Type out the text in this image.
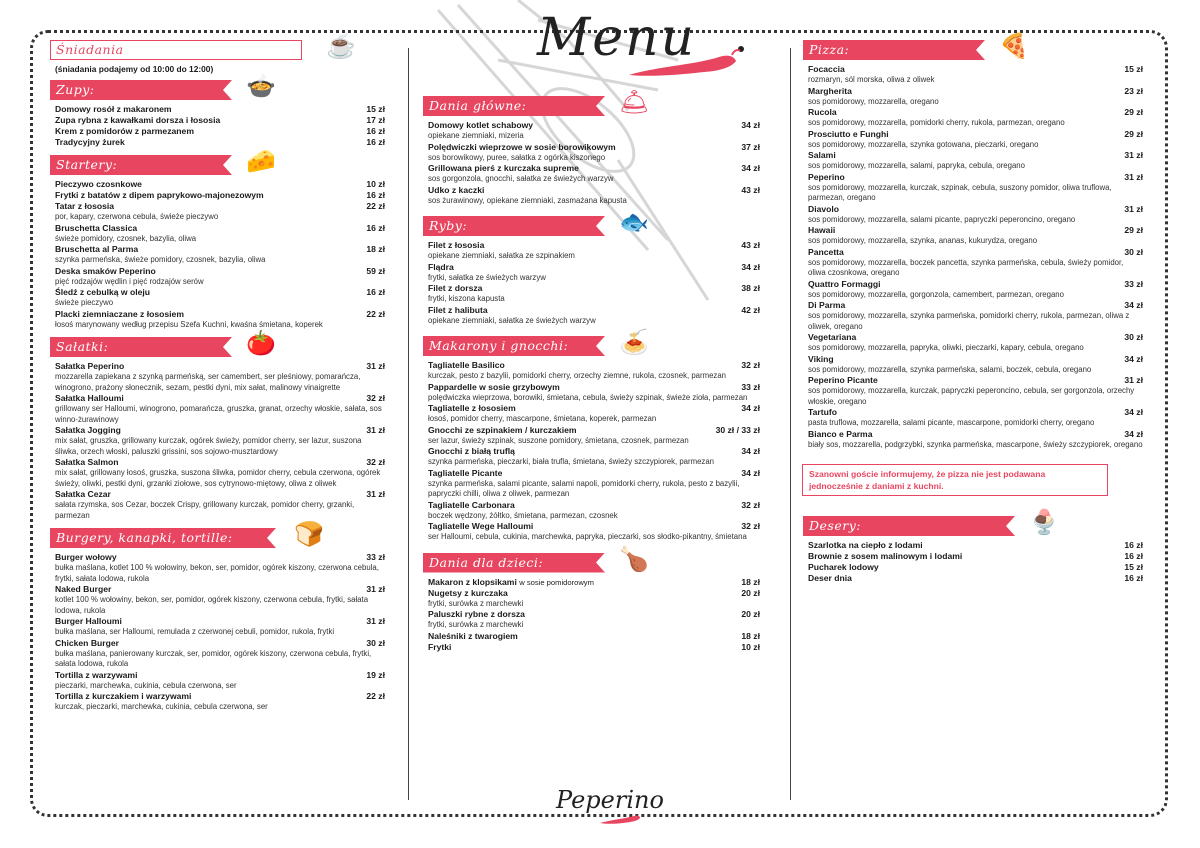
Menu
Śniadania	☕
(śniadania podajemy od 10:00 do 12:00)
Zupy:	🍲
Domowy rosół z makaronem	15 zł
Zupa rybna z kawałkami dorsza i łososia	17 zł
Krem z pomidorów z parmezanem	16 zł
Tradycyjny żurek	16 zł
Startery:	🧀
Pieczywo czosnkowe	10 zł
Frytki z batatów z dipem paprykowo-majonezowym	16 zł
Tatar z łososia	22 zł
por, kapary, czerwona cebula, świeże pieczywo
Bruschetta Classica	16 zł
świeże pomidory, czosnek, bazylia, oliwa
Bruschetta al Parma	18 zł
szynka parmeńska, świeże pomidory, czosnek, bazylia, oliwa
Deska smaków Peperino	59 zł
pięć rodzajów wędlin i pięć rodzajów serów
Śledź z cebulką w oleju	16 zł
świeże pieczywo
Placki ziemniaczane z łososiem	22 zł
łosoś marynowany według przepisu Szefa Kuchni, kwaśna śmietana, koperek
Sałatki:	🍅
Sałatka Peperino	31 zł
mozzarella zapiekana z szynką parmeńską, ser camembert, ser pleśniowy, pomarańcza, winogrono, prażony słonecznik, sezam, pestki dyni, mix sałat, malinowy vinaigrette
Sałatka Halloumi	32 zł
grillowany ser Halloumi, winogrono, pomarańcza, gruszka, granat, orzechy włoskie, sałata, sos winno-żurawinowy
Sałatka Jogging	31 zł
mix sałat, gruszka, grillowany kurczak, ogórek świeży, pomidor cherry, ser lazur, suszona śliwka, orzech włoski, paluszki grissini, sos sojowo-musztardowy
Sałatka Salmon	32 zł
mix sałat, grillowany łosoś, gruszka, suszona śliwka, pomidor cherry, cebula czerwona, ogórek świeży, oliwki, pestki dyni, grzanki ziołowe, sos cytrynowo-miętowy, oliwa z oliwek
Sałatka Cezar	31 zł
sałata rzymska, sos Cezar, boczek Crispy, grillowany kurczak, pomidor cherry, grzanki, parmezan
Burgery, kanapki, tortille:	🍞
Burger wołowy	33 zł
bułka maślana, kotlet 100 % wołowiny, bekon, ser, pomidor, ogórek kiszony, czerwona cebula, frytki, sałata lodowa, rukola
Naked Burger	31 zł
kotlet 100 % wołowiny, bekon, ser, pomidor, ogórek kiszony, czerwona cebula, frytki, sałata lodowa, rukola
Burger Halloumi	31 zł
bułka maślana, ser Halloumi, remulada z czerwonej cebuli, pomidor, rukola, frytki
Chicken Burger	30 zł
bułka maślana, panierowany kurczak, ser, pomidor, ogórek kiszony, czerwona cebula, frytki, sałata lodowa, rukola
Tortilla z warzywami	19 zł
pieczarki, marchewka, cukinia, cebula czerwona, ser
Tortilla z kurczakiem i warzywami	22 zł
kurczak, pieczarki, marchewka, cukinia, cebula czerwona, ser
Dania główne:	🛎
Domowy kotlet schabowy	34 zł
opiekane ziemniaki, mizeria
Polędwiczki wieprzowe w sosie borowikowym	37 zł
sos borowikowy, puree, sałatka z ogórka kiszonego
Grillowana pierś z kurczaka supreme	34 zł
sos gorgonzola, gnocchi, sałatka ze świeżych warzyw
Udko z kaczki	43 zł
sos żurawinowy, opiekane ziemniaki, zasmażana kapusta
Ryby:	🐟
Filet z łososia	43 zł
opiekane ziemniaki, sałatka ze szpinakiem
Flądra	34 zł
frytki, sałatka ze świeżych warzyw
Filet z dorsza	38 zł
frytki, kiszona kapusta
Filet z halibuta	42 zł
opiekane ziemniaki, sałatka ze świeżych warzyw
Makarony i gnocchi: 🍝
Tagliatelle Basilico	32 zł
kurczak, pesto z bazylii, pomidorki cherry, orzechy ziemne, rukola, czosnek, parmezan
Pappardelle w sosie grzybowym	33 zł
polędwiczka wieprzowa, borowiki, śmietana, cebula, świeży szpinak, świeże zioła, parmezan
Tagliatelle z łososiem	34 zł
łosoś, pomidor cherry, mascarpone, śmietana, koperek, parmezan
Gnocchi ze szpinakiem / kurczakiem	30 zł / 33 zł
ser lazur, świeży szpinak, suszone pomidory, śmietana, czosnek, parmezan
Gnocchi z białą truflą	34 zł
szynka parmeńska, pieczarki, biała trufla, śmietana, świeży szczypiorek, parmezan
Tagliatelle Picante	34 zł
szynka parmeńska, salami picante, salami napoli, pomidorki cherry, rukola, pesto z bazylii, papryczki chilli, oliwa z oliwek, parmezan
Tagliatelle Carbonara	32 zł
boczek wędzony, żółtko, śmietana, parmezan, czosnek
Tagliatelle Wege Halloumi	32 zł
ser Halloumi, cebula, cukinia, marchewka, papryka, pieczarki, sos słodko-pikantny, śmietana
Dania dla dzieci:	🍗
Makaron z klopsikami w sosie pomidorowym	18 zł
Nugetsy z kurczaka	20 zł
frytki, surówka z marchewki
Paluszki rybne z dorsza	20 zł
frytki, surówka z marchewki
Naleśniki z twarogiem	18 zł
Frytki	10 zł
Pizza:	🍕
Focaccia	15 zł
rozmaryn, sól morska, oliwa z oliwek
Margherita	23 zł
sos pomidorowy, mozzarella, oregano
Rucola	29 zł
sos pomidorowy, mozzarella, pomidorki cherry, rukola, parmezan, oregano
Prosciutto e Funghi	29 zł
sos pomidorowy, mozzarella, szynka gotowana, pieczarki, oregano
Salami	31 zł
sos pomidorowy, mozzarella, salami, papryka, cebula, oregano
Peperino	31 zł
sos pomidorowy, mozzarella, kurczak, szpinak, cebula, suszony pomidor, oliwa truflowa, parmezan, oregano
Diavolo	31 zł
sos pomidorowy, mozzarella, salami picante, papryczki peperoncino, oregano
Hawaii	29 zł
sos pomidorowy, mozzarella, szynka, ananas, kukurydza, oregano
Pancetta	30 zł
sos pomidorowy, mozzarella, boczek pancetta, szynka parmeńska, cebula, świeży pomidor, oliwa czosnkowa, oregano
Quattro Formaggi	33 zł
sos pomidorowy, mozzarella, gorgonzola, camembert, parmezan, oregano
Di Parma	34 zł
sos pomidorowy, mozzarella, szynka parmeńska, pomidorki cherry, rukola, parmezan, oliwa z oliwek, oregano
Vegetariana	30 zł
sos pomidorowy, mozzarella, papryka, oliwki, pieczarki, kapary, cebula, oregano
Viking	34 zł
sos pomidorowy, mozzarella, szynka parmeńska, salami, boczek, cebula, oregano
Peperino Picante	31 zł
sos pomidorowy, mozzarella, kurczak, papryczki peperoncino, cebula, ser gorgonzola, orzechy włoskie, oregano
Tartufo	34 zł
pasta truflowa, mozzarella, salami picante, mascarpone, pomidorki cherry, oregano
Bianco e Parma	34 zł
biały sos, mozzarella, podgrzybki, szynka parmeńska, mascarpone, świeży szczypiorek, oregano
Szanowni goście informujemy, że pizza nie jest podawana jednocześnie z daniami z kuchni.
Desery:	🍨
Szarlotka na ciepło z lodami	16 zł
Brownie z sosem malinowym i lodami	16 zł
Pucharek lodowy	15 zł
Deser dnia	16 zł
Peperino
